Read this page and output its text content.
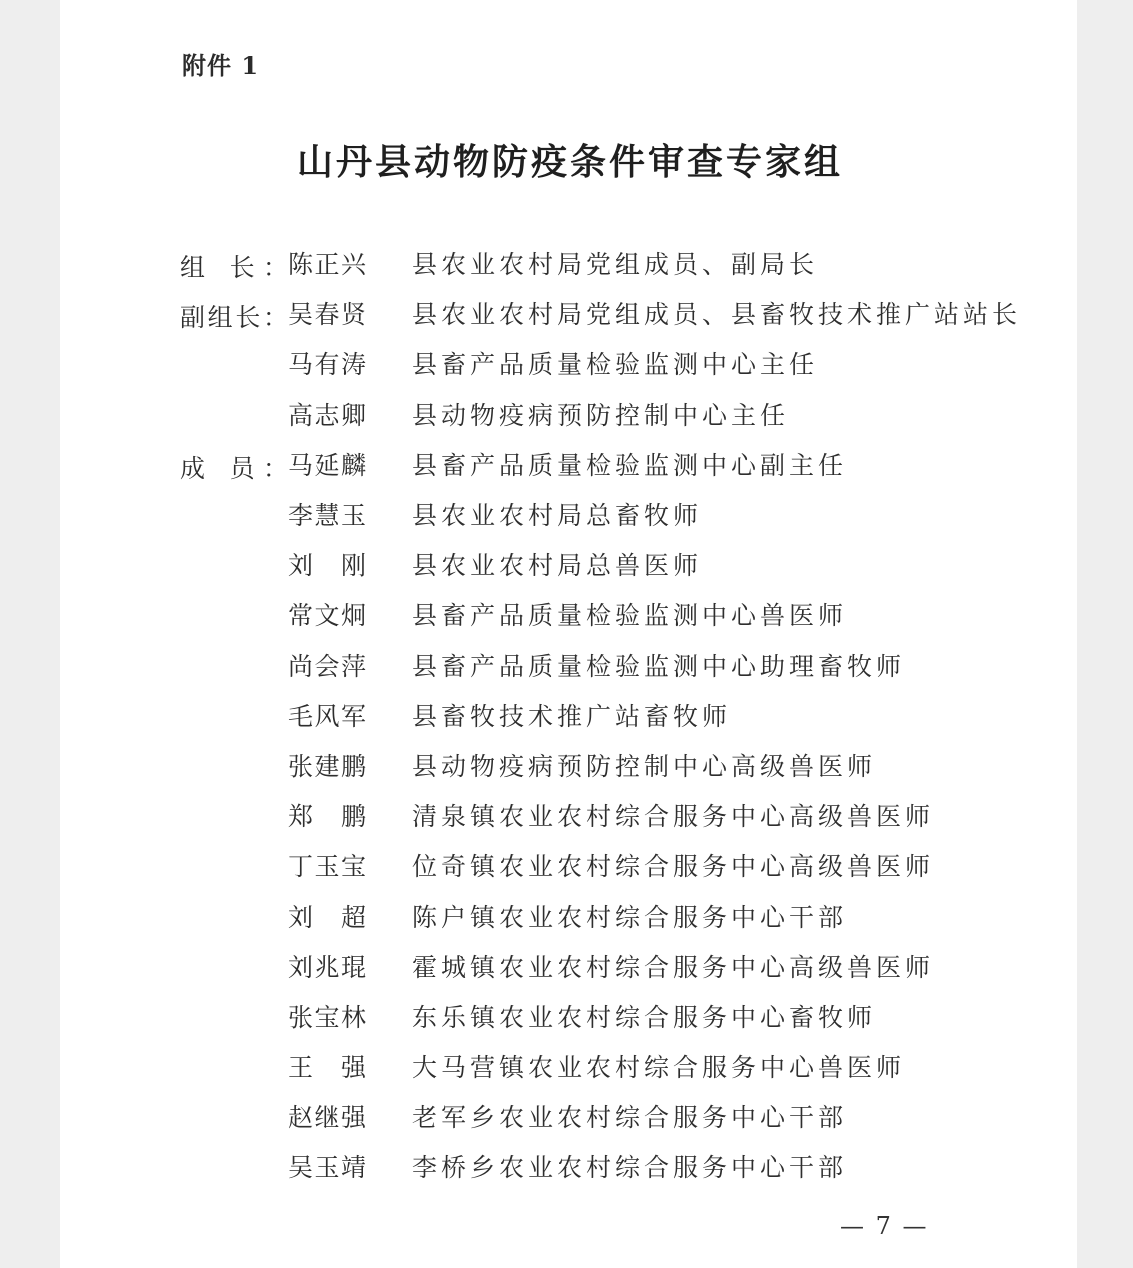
附件 1
山丹县动物防疫条件审查专家组
组 长： 陈正兴 县农业农村局党组成员、副局长
副组长： 吴春贤 县农业农村局党组成员、县畜牧技术推广站站长
马有涛 县畜产品质量检验监测中心主任
高志卿 县动物疫病预防控制中心主任
成 员： 马延麟 县畜产品质量检验监测中心副主任
李慧玉 县农业农村局总畜牧师
刘 刚 县农业农村局总兽医师
常文炯 县畜产品质量检验监测中心兽医师
尚会萍 县畜产品质量检验监测中心助理畜牧师
毛风军 县畜牧技术推广站畜牧师
张建鹏 县动物疫病预防控制中心高级兽医师
郑 鹏 清泉镇农业农村综合服务中心高级兽医师
丁玉宝 位奇镇农业农村综合服务中心高级兽医师
刘 超 陈户镇农业农村综合服务中心干部
刘兆琨 霍城镇农业农村综合服务中心高级兽医师
张宝林 东乐镇农业农村综合服务中心畜牧师
王 强 大马营镇农业农村综合服务中心兽医师
赵继强 老军乡农业农村综合服务中心干部
吴玉靖 李桥乡农业农村综合服务中心干部
— 7 —
